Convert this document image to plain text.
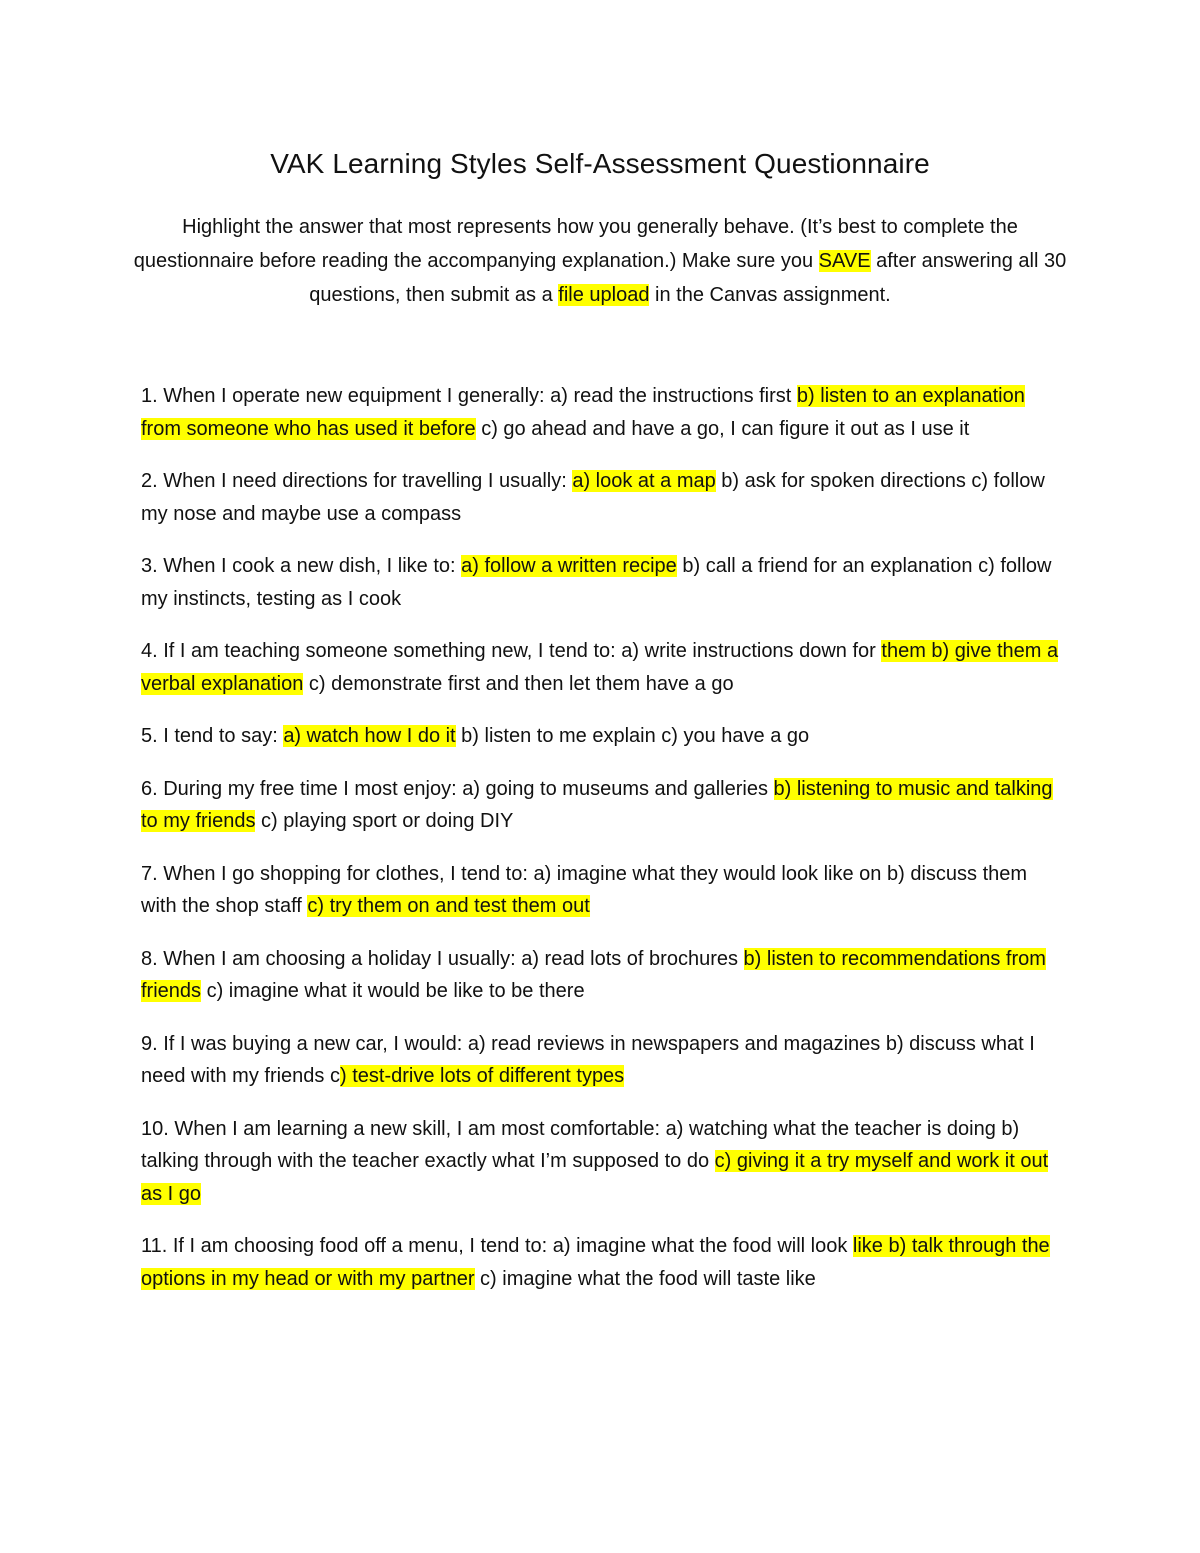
VAK Learning Styles Self-Assessment Questionnaire

Highlight the answer that most represents how you generally behave. (It’s best to complete the questionnaire before reading the accompanying explanation.) Make sure you SAVE after answering all 30 questions, then submit as a file upload in the Canvas assignment.

1. When I operate new equipment I generally: a) read the instructions first b) listen to an explanation from someone who has used it before c) go ahead and have a go, I can figure it out as I use it

2. When I need directions for travelling I usually: a) look at a map b) ask for spoken directions c) follow my nose and maybe use a compass

3. When I cook a new dish, I like to: a) follow a written recipe b) call a friend for an explanation c) follow my instincts, testing as I cook

4. If I am teaching someone something new, I tend to: a) write instructions down for them b) give them a verbal explanation c) demonstrate first and then let them have a go

5. I tend to say: a) watch how I do it b) listen to me explain c) you have a go

6. During my free time I most enjoy: a) going to museums and galleries b) listening to music and talking to my friends c) playing sport or doing DIY

7. When I go shopping for clothes, I tend to: a) imagine what they would look like on b) discuss them with the shop staff c) try them on and test them out

8. When I am choosing a holiday I usually: a) read lots of brochures b) listen to recommendations from friends c) imagine what it would be like to be there

9. If I was buying a new car, I would: a) read reviews in newspapers and magazines b) discuss what I need with my friends c) test-drive lots of different types

10. When I am learning a new skill, I am most comfortable: a) watching what the teacher is doing b) talking through with the teacher exactly what I’m supposed to do c) giving it a try myself and work it out as I go

11. If I am choosing food off a menu, I tend to: a) imagine what the food will look like b) talk through the options in my head or with my partner c) imagine what the food will taste like
